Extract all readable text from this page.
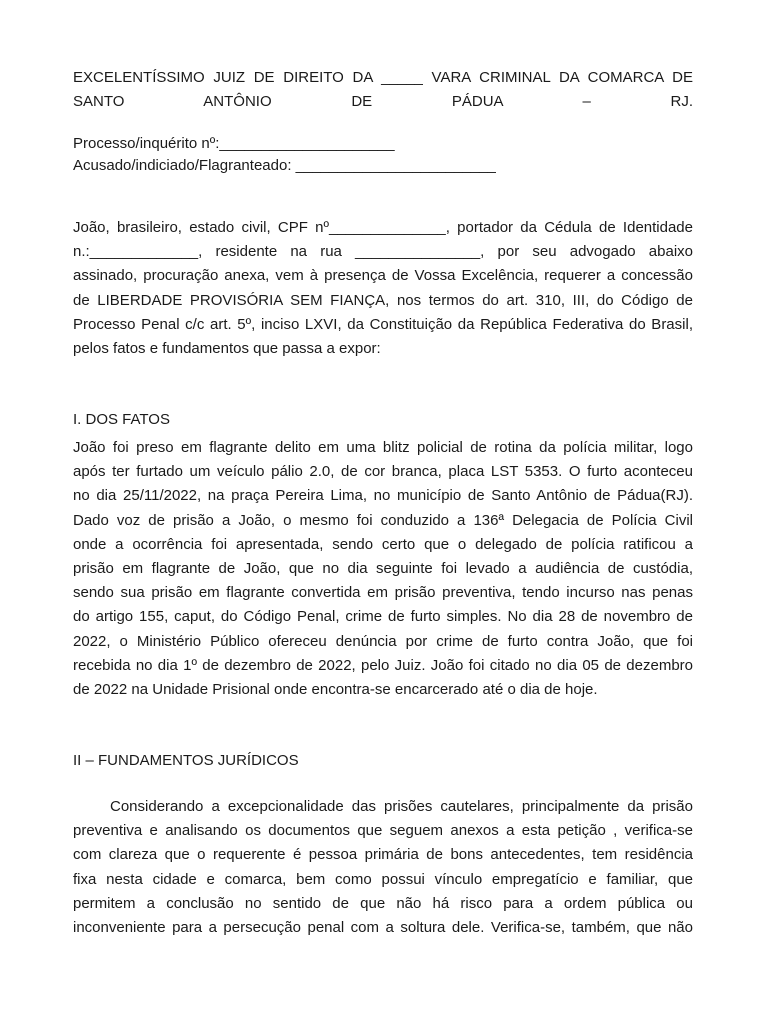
EXCELENTÍSSIMO JUIZ DE DIREITO DA _____ VARA CRIMINAL DA COMARCA DE
SANTO ANTÔNIO DE PÁDUA – RJ.
Processo/inquérito nº:_____________________
Acusado/indiciado/Flagranteado: ________________________
João, brasileiro, estado civil, CPF nº______________, portador da Cédula de Identidade
n.:_____________, residente na rua _______________, por seu advogado abaixo
assinado, procuração anexa, vem à presença de Vossa Excelência, requerer a concessão
de LIBERDADE PROVISÓRIA SEM FIANÇA, nos termos do art. 310, III, do Código de
Processo Penal c/c art. 5º, inciso LXVI, da Constituição da República Federativa do Brasil,
pelos fatos e fundamentos que passa a expor:
I. DOS FATOS
João foi preso em flagrante delito em uma blitz policial de rotina da polícia militar, logo
após ter furtado um veículo pálio 2.0, de cor branca, placa LST 5353. O furto aconteceu
no dia 25/11/2022, na praça Pereira Lima, no município de Santo Antônio de Pádua(RJ).
Dado voz de prisão a João, o mesmo foi conduzido a 136ª Delegacia de Polícia Civil
onde a ocorrência foi apresentada, sendo certo que o delegado de polícia ratificou a
prisão em flagrante de João, que no dia seguinte foi levado a audiência de custódia,
sendo sua prisão em flagrante convertida em prisão preventiva, tendo incurso nas penas
do artigo 155, caput, do Código Penal, crime de furto simples. No dia 28 de novembro de
2022, o Ministério Público ofereceu denúncia por crime de furto contra João, que foi
recebida no dia 1º de dezembro de 2022, pelo Juiz. João foi citado no dia 05 de dezembro
de 2022 na Unidade Prisional onde encontra-se encarcerado até o dia de hoje.
II – FUNDAMENTOS JURÍDICOS
Considerando a excepcionalidade das prisões cautelares, principalmente da prisão
preventiva e analisando os documentos que seguem anexos a esta petição , verifica-se
com clareza que o requerente é pessoa primária de bons antecedentes, tem residência
fixa nesta cidade e comarca, bem como possui vínculo empregatício e familiar, que
permitem a conclusão no sentido de que não há risco para a ordem pública ou
inconveniente para a persecução penal com a soltura dele. Verifica-se, também, que não
